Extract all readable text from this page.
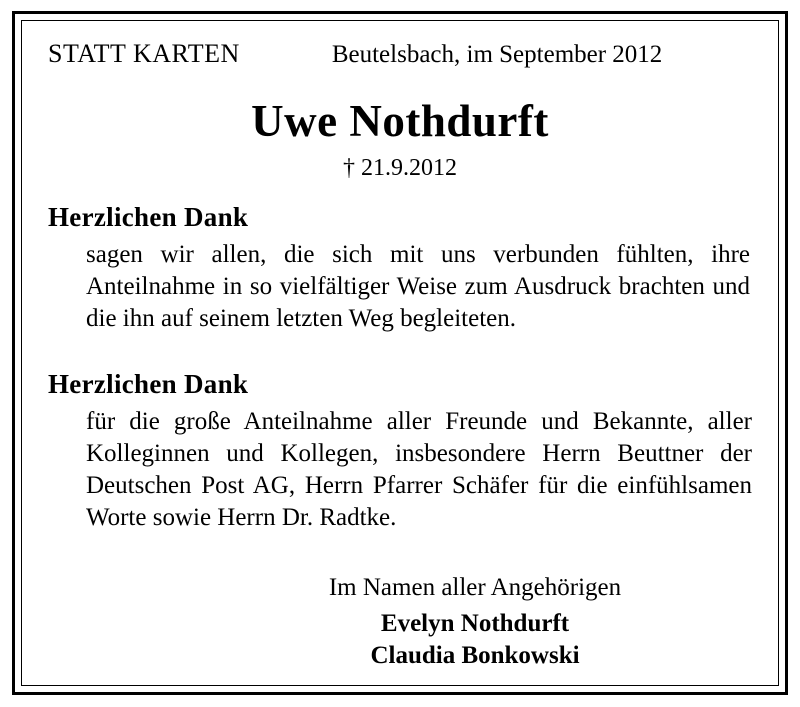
STATT KARTEN	Beutelsbach, im September 2012
Uwe Nothdurft
† 21.9.2012
Herzlichen Dank
sagen wir allen, die sich mit uns verbunden fühlten, ihre Anteilnahme in so vielfältiger Weise zum Ausdruck brachten und die ihn auf seinem letzten Weg begleiteten.
Herzlichen Dank
für die große Anteilnahme aller Freunde und Bekannte, aller Kolleginnen und Kollegen, insbesondere Herrn Beuttner der Deutschen Post AG, Herrn Pfarrer Schäfer für die einfühlsamen Worte sowie Herrn Dr. Radtke.
Im Namen aller Angehörigen
Evelyn Nothdurft
Claudia Bonkowski
